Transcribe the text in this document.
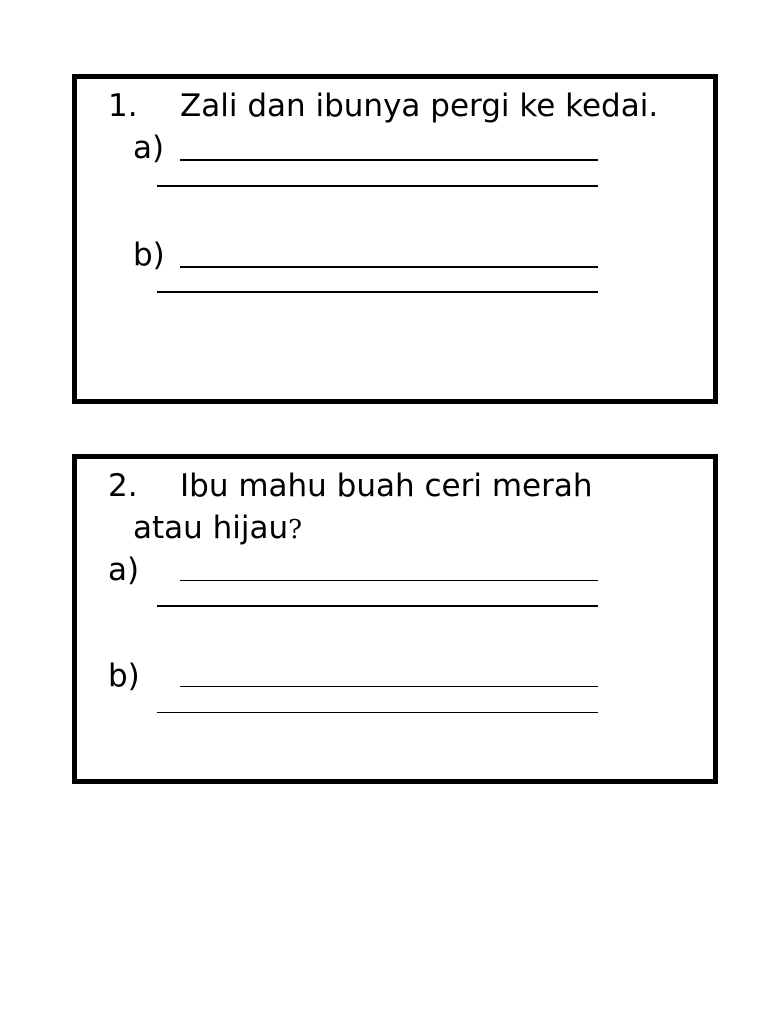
1. Zali dan ibunya pergi ke kedai.
a)
b)
2. Ibu mahu buah ceri merah
atau hijau?
a)
b)
